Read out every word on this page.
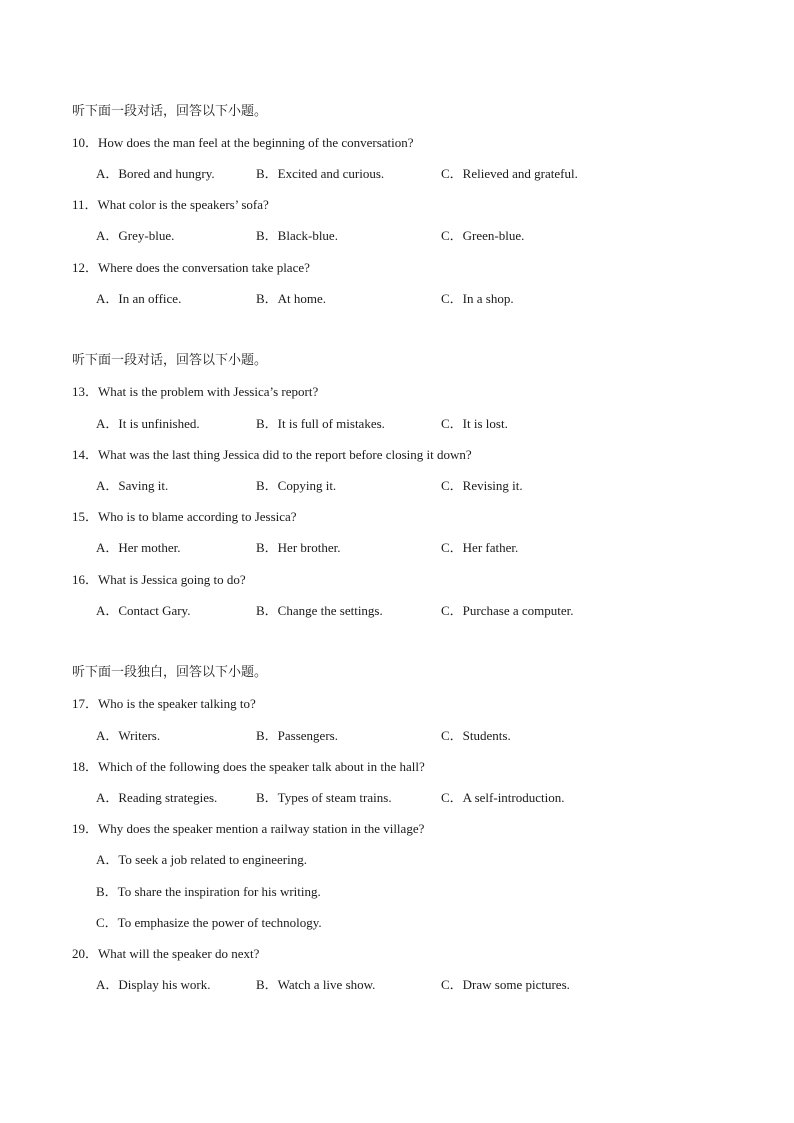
听下面一段对话，回答以下小题。
10．How does the man feel at the beginning of the conversation?
A．Bored and hungry.	B．Excited and curious.	C．Relieved and grateful.
11．What color is the speakers’ sofa?
A．Grey-blue.	B．Black-blue.	C．Green-blue.
12．Where does the conversation take place?
A．In an office.	B．At home.	C．In a shop.
听下面一段对话，回答以下小题。
13．What is the problem with Jessica’s report?
A．It is unfinished.	B．It is full of mistakes.	C．It is lost.
14．What was the last thing Jessica did to the report before closing it down?
A．Saving it.	B．Copying it.	C．Revising it.
15．Who is to blame according to Jessica?
A．Her mother.	B．Her brother.	C．Her father.
16．What is Jessica going to do?
A．Contact Gary.	B．Change the settings.	C．Purchase a computer.
听下面一段独白，回答以下小题。
17．Who is the speaker talking to?
A．Writers.	B．Passengers.	C．Students.
18．Which of the following does the speaker talk about in the hall?
A．Reading strategies.	B．Types of steam trains.	C．A self-introduction.
19．Why does the speaker mention a railway station in the village?
A．To seek a job related to engineering.
B．To share the inspiration for his writing.
C．To emphasize the power of technology.
20．What will the speaker do next?
A．Display his work.	B．Watch a live show.	C．Draw some pictures.
